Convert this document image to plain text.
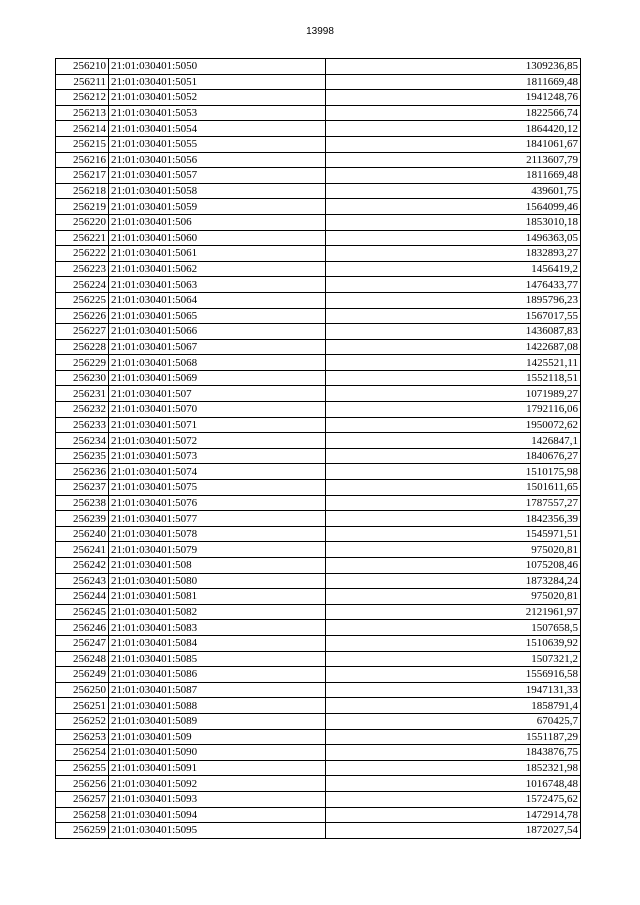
13998
256210	21:01:030401:5050	1309236,85
256211	21:01:030401:5051	1811669,48
256212	21:01:030401:5052	1941248,76
256213	21:01:030401:5053	1822566,74
256214	21:01:030401:5054	1864420,12
256215	21:01:030401:5055	1841061,67
256216	21:01:030401:5056	2113607,79
256217	21:01:030401:5057	1811669,48
256218	21:01:030401:5058	439601,75
256219	21:01:030401:5059	1564099,46
256220	21:01:030401:506	1853010,18
256221	21:01:030401:5060	1496363,05
256222	21:01:030401:5061	1832893,27
256223	21:01:030401:5062	1456419,2
256224	21:01:030401:5063	1476433,77
256225	21:01:030401:5064	1895796,23
256226	21:01:030401:5065	1567017,55
256227	21:01:030401:5066	1436087,83
256228	21:01:030401:5067	1422687,08
256229	21:01:030401:5068	1425521,11
256230	21:01:030401:5069	1552118,51
256231	21:01:030401:507	1071989,27
256232	21:01:030401:5070	1792116,06
256233	21:01:030401:5071	1950072,62
256234	21:01:030401:5072	1426847,1
256235	21:01:030401:5073	1840676,27
256236	21:01:030401:5074	1510175,98
256237	21:01:030401:5075	1501611,65
256238	21:01:030401:5076	1787557,27
256239	21:01:030401:5077	1842356,39
256240	21:01:030401:5078	1545971,51
256241	21:01:030401:5079	975020,81
256242	21:01:030401:508	1075208,46
256243	21:01:030401:5080	1873284,24
256244	21:01:030401:5081	975020,81
256245	21:01:030401:5082	2121961,97
256246	21:01:030401:5083	1507658,5
256247	21:01:030401:5084	1510639,92
256248	21:01:030401:5085	1507321,2
256249	21:01:030401:5086	1556916,58
256250	21:01:030401:5087	1947131,33
256251	21:01:030401:5088	1858791,4
256252	21:01:030401:5089	670425,7
256253	21:01:030401:509	1551187,29
256254	21:01:030401:5090	1843876,75
256255	21:01:030401:5091	1852321,98
256256	21:01:030401:5092	1016748,48
256257	21:01:030401:5093	1572475,62
256258	21:01:030401:5094	1472914,78
256259	21:01:030401:5095	1872027,54
